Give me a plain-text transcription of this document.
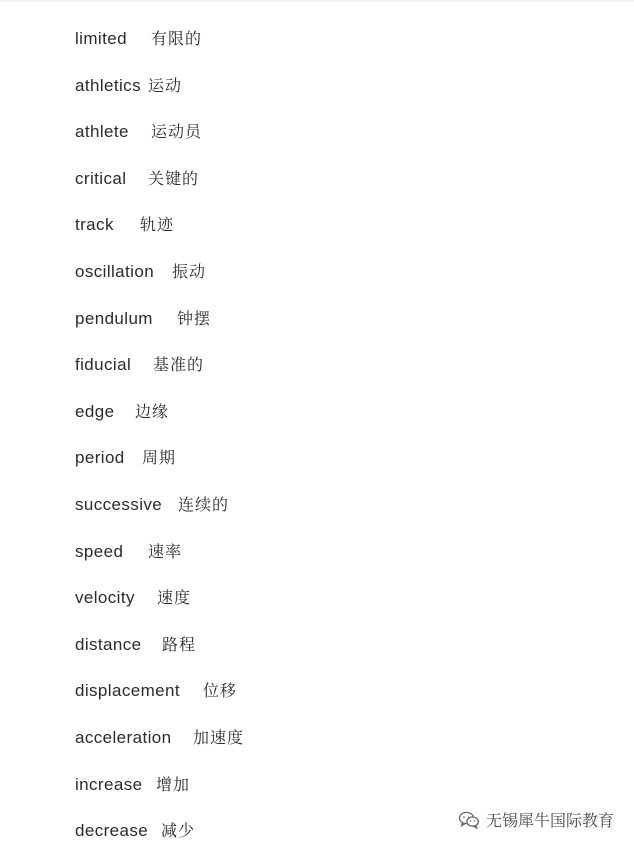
limited	有限的
athletics 运动
athlete	运动员
critical	关键的
track	轨迹
oscillation	振动
pendulum	钟摆
fiducial	基准的
edge	边缘
period	周期
successive 连续的
speed	速率
velocity	速度
distance	路程
displacement	位移
acceleration	加速度
increase 增加
decrease 减少
无锡犀牛国际教育
